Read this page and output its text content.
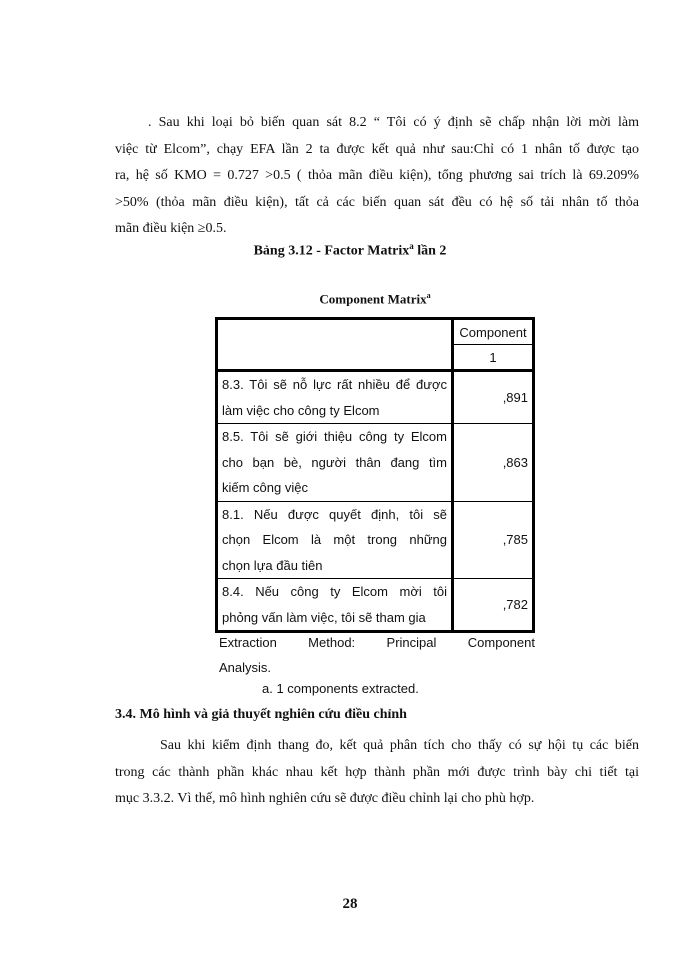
. Sau khi loại bỏ biến quan sát 8.2 “ Tôi có ý định sẽ chấp nhận lời mời làm
việc từ Elcom”, chạy EFA lần 2 ta được kết quả như sau:Chỉ có 1 nhân tố được tạo
ra, hệ số KMO = 0.727 >0.5 ( thỏa mãn điều kiện), tổng phương sai trích là 69.209%
>50% (thỏa mãn điều kiện), tất cả các biến quan sát đều có hệ số tải nhân tố thỏa
mãn điều kiện ≥0.5.

Bảng 3.12 - Factor Matrix$^a$ lần 2

Component Matrix$^a$

	Component
	1

8.3. Tôi sẽ nỗ lực rất nhiều để được
làm việc cho công ty Elcom	,891

8.5. Tôi sẽ giới thiệu công ty Elcom
cho bạn bè, người thân đang tìm
kiếm công việc	,863

8.1. Nếu được quyết định, tôi sẽ
chọn Elcom là một trong những
chọn lựa đầu tiên	,785

8.4. Nếu công ty Elcom mời tôi
phỏng vấn làm việc, tôi sẽ tham gia	,782

Extraction Method: Principal Component
Analysis.

a. 1 components extracted.

3.4. Mô hình và giả thuyết nghiên cứu điều chỉnh

Sau khi kiểm định thang đo, kết quả phân tích cho thấy có sự hội tụ các biến
trong các thành phần khác nhau kết hợp thành phần mới được trình bày chi tiết tại
mục 3.3.2. Vì thế, mô hình nghiên cứu sẽ được điều chỉnh lại cho phù hợp.

28
